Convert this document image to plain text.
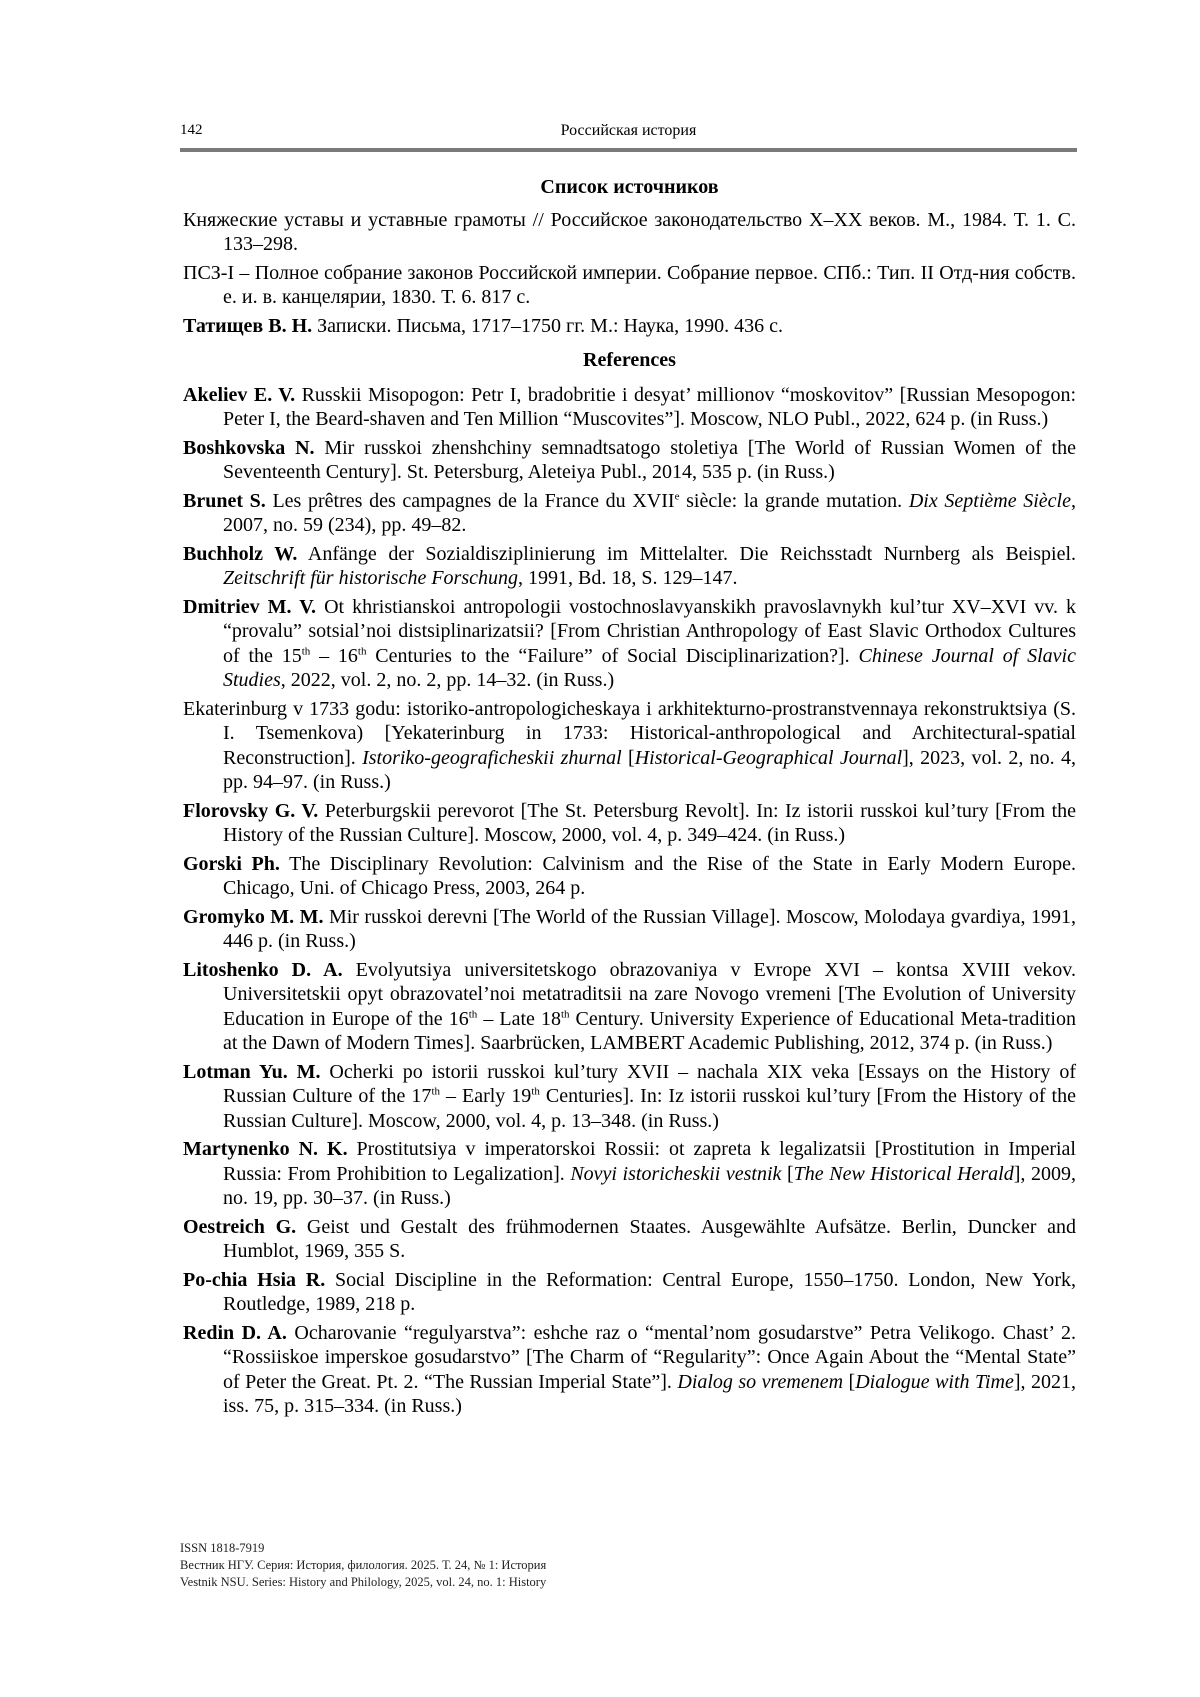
142	Российская история
Список источников
Княжеские уставы и уставные грамоты // Российское законодательство X–XX веков. М., 1984. Т. 1. С. 133–298.
ПСЗ-I – Полное собрание законов Российской империи. Собрание первое. СПб.: Тип. II Отд-ния собств. е. и. в. канцелярии, 1830. Т. 6. 817 с.
Татищев В. Н. Записки. Письма, 1717–1750 гг. М.: Наука, 1990. 436 с.
References
Akeliev E. V. Russkii Misopogon: Petr I, bradobritie i desyat’ millionov “moskovitov” [Russian Mesopogon: Peter I, the Beard-shaven and Ten Million “Muscovites”]. Moscow, NLO Publ., 2022, 624 p. (in Russ.)
Boshkovska N. Mir russkoi zhenshchiny semnadtsatogo stoletiya [The World of Russian Women of the Seventeenth Century]. St. Petersburg, Aleteiya Publ., 2014, 535 p. (in Russ.)
Brunet S. Les prêtres des campagnes de la France du XVIIe siècle: la grande mutation. Dix Septième Siècle, 2007, no. 59 (234), pp. 49–82.
Buchholz W. Anfänge der Sozialdisziplinierung im Mittelalter. Die Reichsstadt Nurnberg als Beispiel. Zeitschrift für historische Forschung, 1991, Bd. 18, S. 129–147.
Dmitriev M. V. Ot khristianskoi antropologii vostochnoslavyanskikh pravoslavnykh kul’tur XV–XVI vv. k “provalu” sotsial’noi distsiplinarizatsii? [From Christian Anthropology of East Slavic Orthodox Cultures of the 15th – 16th Centuries to the “Failure” of Social Disciplinarization?]. Chinese Journal of Slavic Studies, 2022, vol. 2, no. 2, pp. 14–32. (in Russ.)
Ekaterinburg v 1733 godu: istoriko-antropologicheskaya i arkhitekturno-prostranstvennaya rekonstruktsiya (S. I. Tsemenkova) [Yekaterinburg in 1733: Historical-anthropological and Architectural-spatial Reconstruction]. Istoriko-geograficheskii zhurnal [Historical-Geographical Journal], 2023, vol. 2, no. 4, pp. 94–97. (in Russ.)
Florovsky G. V. Peterburgskii perevorot [The St. Petersburg Revolt]. In: Iz istorii russkoi kul’tury [From the History of the Russian Culture]. Moscow, 2000, vol. 4, p. 349–424. (in Russ.)
Gorski Ph. The Disciplinary Revolution: Calvinism and the Rise of the State in Early Modern Europe. Chicago, Uni. of Chicago Press, 2003, 264 p.
Gromyko M. M. Mir russkoi derevni [The World of the Russian Village]. Moscow, Molodaya gvardiya, 1991, 446 p. (in Russ.)
Litoshenko D. A. Evolyutsiya universitetskogo obrazovaniya v Evrope XVI – kontsa XVIII vekov. Universitetskii opyt obrazovatel’noi metatraditsii na zare Novogo vremeni [The Evolution of University Education in Europe of the 16th – Late 18th Century. University Experience of Educational Meta-tradition at the Dawn of Modern Times]. Saarbrücken, LAMBERT Academic Publishing, 2012, 374 p. (in Russ.)
Lotman Yu. M. Ocherki po istorii russkoi kul’tury XVII – nachala XIX veka [Essays on the History of Russian Culture of the 17th – Early 19th Centuries]. In: Iz istorii russkoi kul’tury [From the History of the Russian Culture]. Moscow, 2000, vol. 4, p. 13–348. (in Russ.)
Martynenko N. K. Prostitutsiya v imperatorskoi Rossii: ot zapreta k legalizatsii [Prostitution in Imperial Russia: From Prohibition to Legalization]. Novyi istoricheskii vestnik [The New Historical Herald], 2009, no. 19, pp. 30–37. (in Russ.)
Oestreich G. Geist und Gestalt des frühmodernen Staates. Ausgewählte Aufsätze. Berlin, Duncker and Humblot, 1969, 355 S.
Po-chia Hsia R. Social Discipline in the Reformation: Central Europe, 1550–1750. London, New York, Routledge, 1989, 218 p.
Redin D. A. Ocharovanie “regulyarstva”: eshche raz o “mental’nom gosudarstve” Petra Velikogo. Chast’ 2. “Rossiiskoe imperskoe gosudarstvo” [The Charm of “Regularity”: Once Again About the “Mental State” of Peter the Great. Pt. 2. “The Russian Imperial State”]. Dialog so vremenem [Dialogue with Time], 2021, iss. 75, p. 315–334. (in Russ.)
ISSN 1818-7919
Вестник НГУ. Серия: История, филология. 2025. Т. 24, № 1: История
Vestnik NSU. Series: History and Philology, 2025, vol. 24, no. 1: History
